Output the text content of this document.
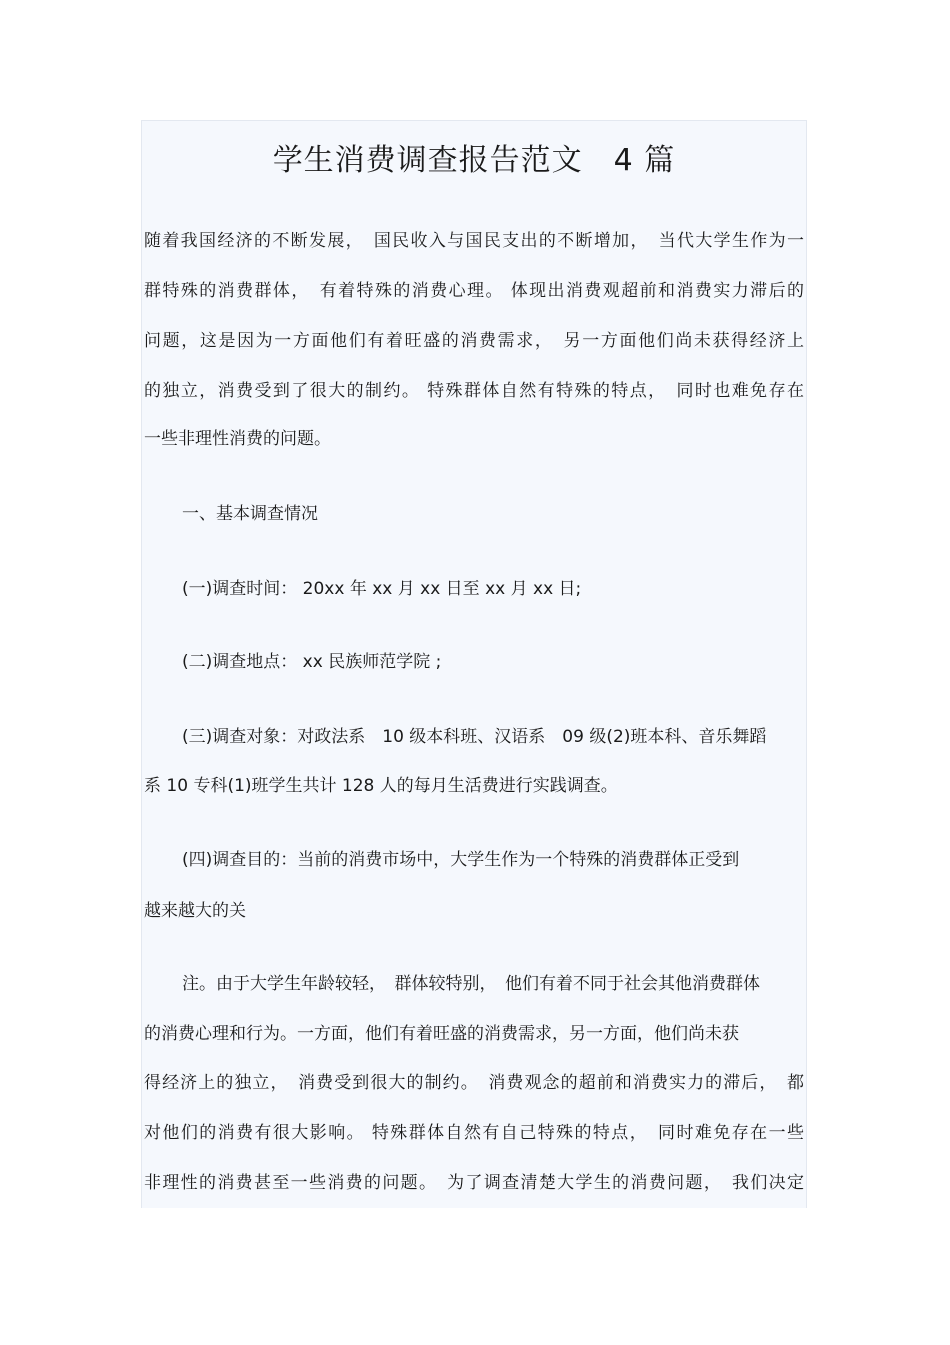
学生消费调查报告范文　4 篇
随着我国经济的不断发展，　国民收入与国民支出的不断增加，　当代大学生作为一
群特殊的消费群体，　有着特殊的消费心理。 体现出消费观超前和消费实力滞后的
问题，这是因为一方面他们有着旺盛的消费需求，　另一方面他们尚未获得经济上
的独立，消费受到了很大的制约。 特殊群体自然有特殊的特点，　同时也难免存在
一些非理性消费的问题。
一、基本调查情况
(一)调查时间： 20xx 年 xx 月 xx 日至 xx 月 xx 日;
(二)调查地点： xx 民族师范学院 ;
(三)调查对象：对政法系　10 级本科班、汉语系　09 级(2)班本科、音乐舞蹈
系 10 专科(1)班学生共计 128 人的每月生活费进行实践调查。
(四)调查目的：当前的消费市场中，大学生作为一个特殊的消费群体正受到
越来越大的关
注。由于大学生年龄较轻，　群体较特别，　他们有着不同于社会其他消费群体
的消费心理和行为。一方面，他们有着旺盛的消费需求，另一方面，他们尚未获
得经济上的独立，　消费受到很大的制约。　消费观念的超前和消费实力的滞后，　都
对他们的消费有很大影响。 特殊群体自然有自己特殊的特点，　同时难免存在一些
非理性的消费甚至一些消费的问题。　为了调查清楚大学生的消费问题，　我们决定
